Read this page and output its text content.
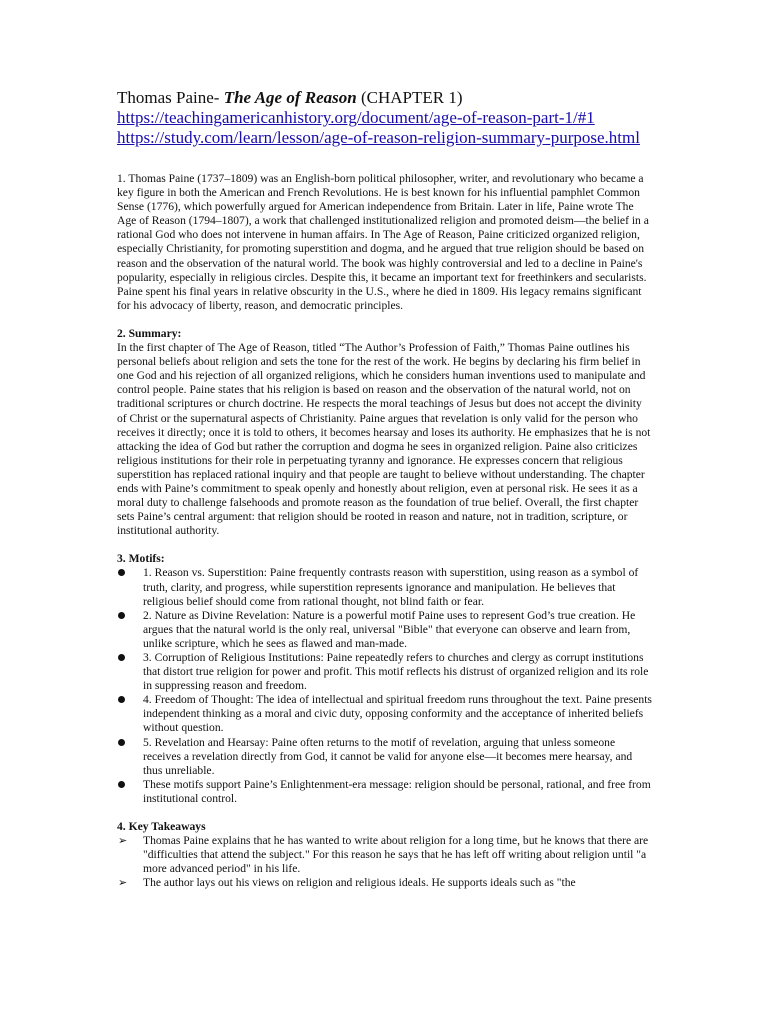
Thomas Paine- The Age of Reason (CHAPTER 1)

https://teachingamericanhistory.org/document/age-of-reason-part-1/#1
https://study.com/learn/lesson/age-of-reason-religion-summary-purpose.html

1. Thomas Paine (1737–1809) was an English-born political philosopher, writer, and revolutionary who became a key figure in both the American and French Revolutions. He is best known for his influential pamphlet Common Sense (1776), which powerfully argued for American independence from Britain. Later in life, Paine wrote The Age of Reason (1794–1807), a work that challenged institutionalized religion and promoted deism—the belief in a rational God who does not intervene in human affairs. In The Age of Reason, Paine criticized organized religion, especially Christianity, for promoting superstition and dogma, and he argued that true religion should be based on reason and the observation of the natural world. The book was highly controversial and led to a decline in Paine's popularity, especially in religious circles. Despite this, it became an important text for freethinkers and secularists. Paine spent his final years in relative obscurity in the U.S., where he died in 1809. His legacy remains significant for his advocacy of liberty, reason, and democratic principles.

2. Summary:

In the first chapter of The Age of Reason, titled “The Author’s Profession of Faith,” Thomas Paine outlines his personal beliefs about religion and sets the tone for the rest of the work. He begins by declaring his firm belief in one God and his rejection of all organized religions, which he considers human inventions used to manipulate and control people. Paine states that his religion is based on reason and the observation of the natural world, not on traditional scriptures or church doctrine. He respects the moral teachings of Jesus but does not accept the divinity of Christ or the supernatural aspects of Christianity. Paine argues that revelation is only valid for the person who receives it directly; once it is told to others, it becomes hearsay and loses its authority. He emphasizes that he is not attacking the idea of God but rather the corruption and dogma he sees in organized religion. Paine also criticizes religious institutions for their role in perpetuating tyranny and ignorance. He expresses concern that religious superstition has replaced rational inquiry and that people are taught to believe without understanding. The chapter ends with Paine’s commitment to speak openly and honestly about religion, even at personal risk. He sees it as a moral duty to challenge falsehoods and promote reason as the foundation of true belief. Overall, the first chapter sets Paine’s central argument: that religion should be rooted in reason and nature, not in tradition, scripture, or institutional authority.

3. Motifs:

1. Reason vs. Superstition: Paine frequently contrasts reason with superstition, using reason as a symbol of truth, clarity, and progress, while superstition represents ignorance and manipulation. He believes that religious belief should come from rational thought, not blind faith or fear.
2. Nature as Divine Revelation: Nature is a powerful motif Paine uses to represent God’s true creation. He argues that the natural world is the only real, universal "Bible" that everyone can observe and learn from, unlike scripture, which he sees as flawed and man-made.
3. Corruption of Religious Institutions: Paine repeatedly refers to churches and clergy as corrupt institutions that distort true religion for power and profit. This motif reflects his distrust of organized religion and its role in suppressing reason and freedom.
4. Freedom of Thought: The idea of intellectual and spiritual freedom runs throughout the text. Paine presents independent thinking as a moral and civic duty, opposing conformity and the acceptance of inherited beliefs without question.
5. Revelation and Hearsay: Paine often returns to the motif of revelation, arguing that unless someone receives a revelation directly from God, it cannot be valid for anyone else—it becomes mere hearsay, and thus unreliable.
These motifs support Paine’s Enlightenment-era message: religion should be personal, rational, and free from institutional control.

4. Key Takeaways

➢ Thomas Paine explains that he has wanted to write about religion for a long time, but he knows that there are "difficulties that attend the subject." For this reason he says that he has left off writing about religion until "a more advanced period" in his life.
➢ The author lays out his views on religion and religious ideals. He supports ideals such as "the
